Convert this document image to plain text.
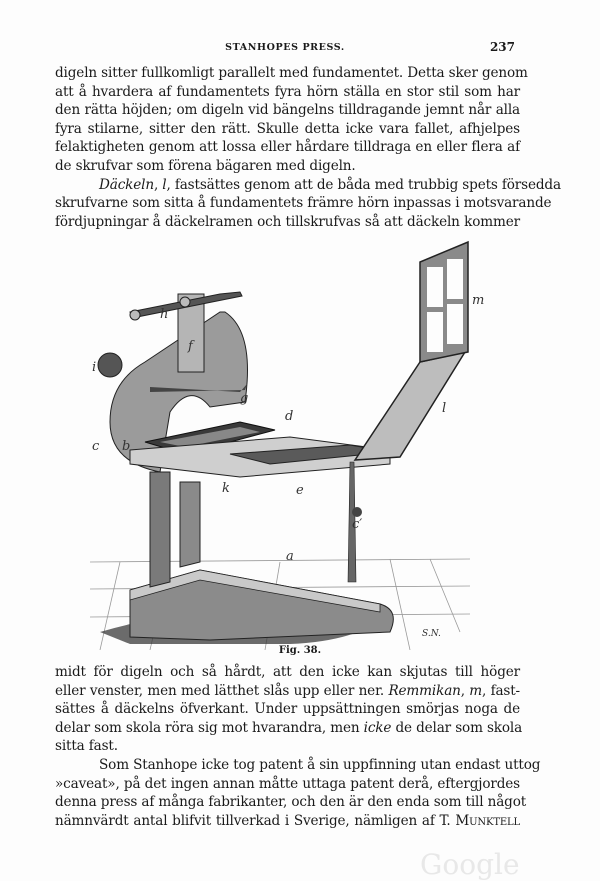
STANHOPES PRESS.	237
digeln sitter fullkomligt parallelt med fundamentet. Detta sker genom
att å hvardera af fundamentets fyra hörn ställa en stor stil som har
den rätta höjden; om digeln vid bängelns tilldragande jemnt når alla
fyra stilarne, sitter den rätt. Skulle detta icke vara fallet, afhjelpes
felaktigheten genom att lossa eller hårdare tilldraga en eller flera af
de skrufvar som förena bägaren med digeln.
Däckeln, l, fastsättes genom att de båda med trubbig spets försedda
skrufvarne som sitta å fundamentets främre hörn inpassas i motsvarande
fördjupningar å däckelramen och tillskrufvas så att däckeln kommer
h
f
i
g
d
c b
k	e
c′
a
l
m
S.N.
Fig. 38.
midt för digeln och så hårdt, att den icke kan skjutas till höger
eller venster, men med lätthet slås upp eller ner. Remmikan, m, fast-
sättes å däckelns öfverkant. Under uppsättningen smörjas noga de
delar som skola röra sig mot hvarandra, men icke de delar som skola
sitta fast.
Som Stanhope icke tog patent å sin uppfinning utan endast uttog
»caveat», på det ingen annan måtte uttaga patent derå, eftergjordes
denna press af många fabrikanter, och den är den enda som till något
nämnvärdt antal blifvit tillverkad i Sverige, nämligen af T. Munktell
Google
